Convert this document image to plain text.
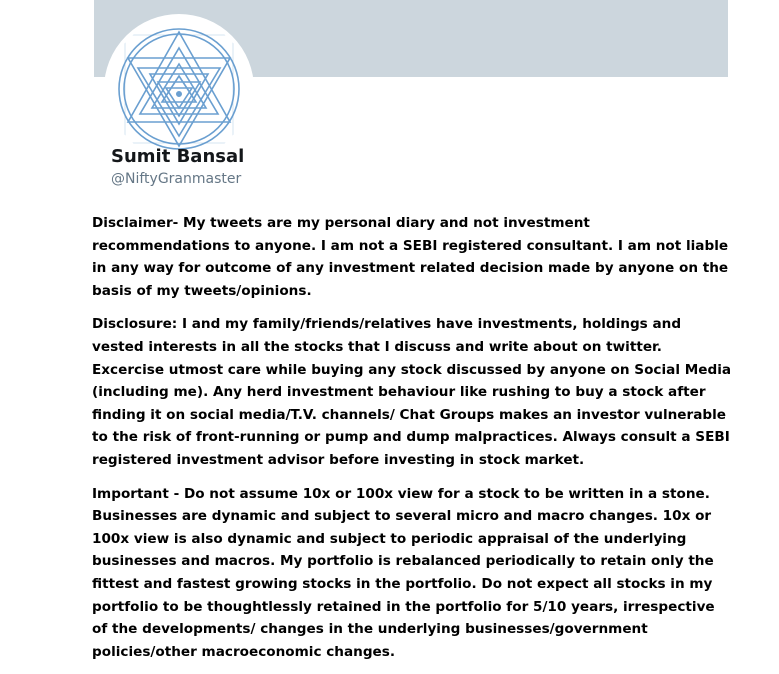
Sumit Bansal
@NiftyGranmaster

Disclaimer- My tweets are my personal diary and not investment recommendations to anyone. I am not a SEBI registered consultant. I am not liable in any way for outcome of any investment related decision made by anyone on the basis of my tweets/opinions.

Disclosure: I and my family/friends/relatives have investments, holdings and vested interests in all the stocks that I discuss and write about on twitter. Excercise utmost care while buying any stock discussed by anyone on Social Media (including me). Any herd investment behaviour like rushing to buy a stock after finding it on social media/T.V. channels/ Chat Groups makes an investor vulnerable to the risk of front-running or pump and dump malpractices. Always consult a SEBI registered investment advisor before investing in stock market.

Important - Do not assume 10x or 100x view for a stock to be written in a stone. Businesses are dynamic and subject to several micro and macro changes. 10x or 100x view is also dynamic and subject to periodic appraisal of the underlying businesses and macros. My portfolio is rebalanced periodically to retain only the fittest and fastest growing stocks in the portfolio. Do not expect all stocks in my portfolio to be thoughtlessly retained in the portfolio for 5/10 years, irrespective of the developments/ changes in the underlying businesses/government policies/other macroeconomic changes.
